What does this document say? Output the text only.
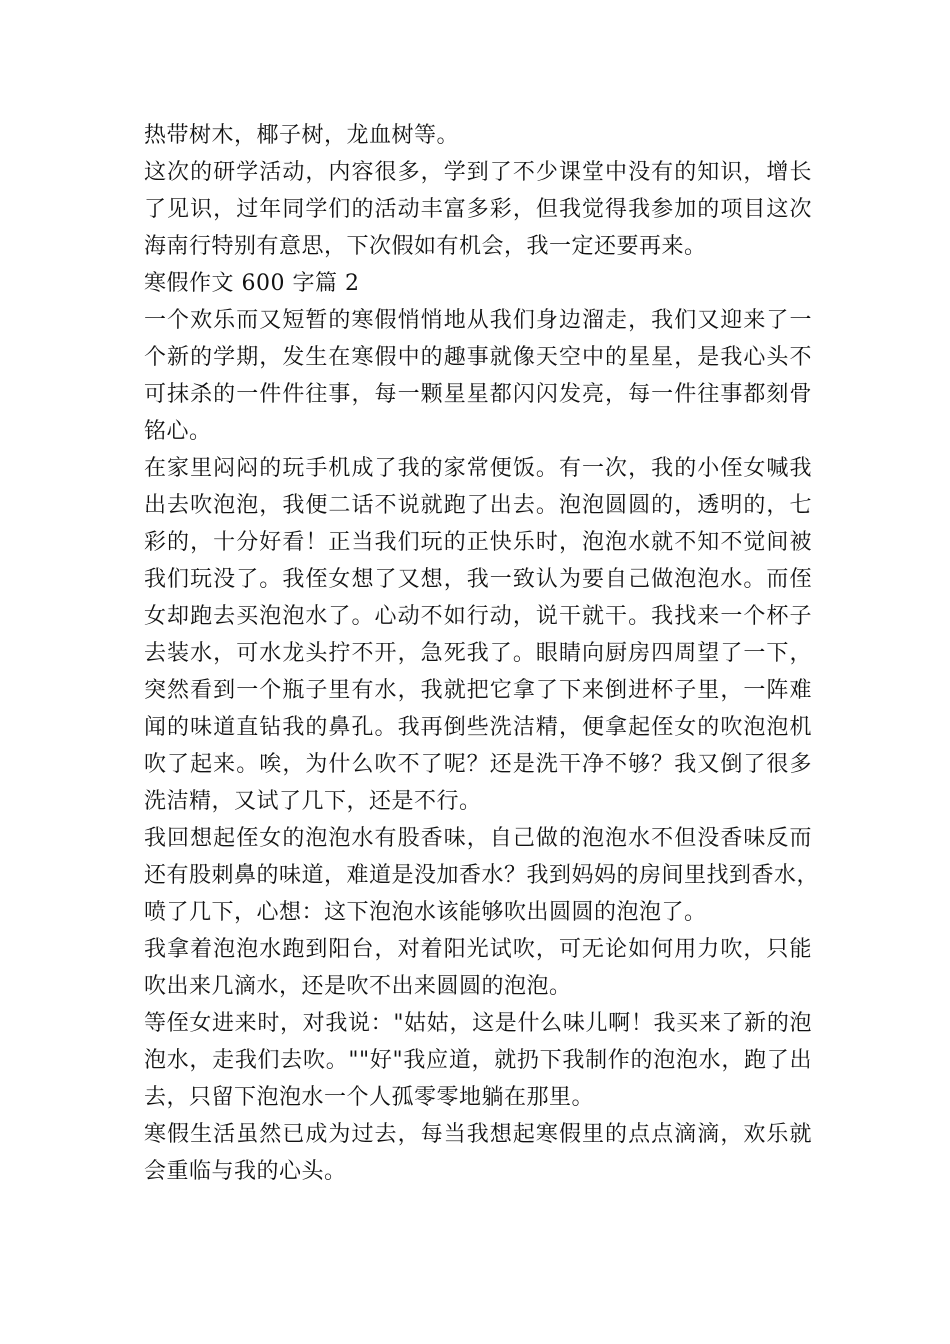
热带树木，椰子树，龙血树等。
这次的研学活动，内容很多，学到了不少课堂中没有的知识，增长
了见识，过年同学们的活动丰富多彩，但我觉得我参加的项目这次
海南行特别有意思，下次假如有机会，我一定还要再来。
寒假作文 600 字篇 2
一个欢乐而又短暂的寒假悄悄地从我们身边溜走，我们又迎来了一
个新的学期，发生在寒假中的趣事就像天空中的星星，是我心头不
可抹杀的一件件往事，每一颗星星都闪闪发亮，每一件往事都刻骨
铭心。
在家里闷闷的玩手机成了我的家常便饭。有一次，我的小侄女喊我
出去吹泡泡，我便二话不说就跑了出去。泡泡圆圆的，透明的，七
彩的，十分好看！正当我们玩的正快乐时，泡泡水就不知不觉间被
我们玩没了。我侄女想了又想，我一致认为要自己做泡泡水。而侄
女却跑去买泡泡水了。心动不如行动，说干就干。我找来一个杯子
去装水，可水龙头拧不开，急死我了。眼睛向厨房四周望了一下，
突然看到一个瓶子里有水，我就把它拿了下来倒进杯子里，一阵难
闻的味道直钻我的鼻孔。我再倒些洗洁精，便拿起侄女的吹泡泡机
吹了起来。唉，为什么吹不了呢？还是洗干净不够？我又倒了很多
洗洁精，又试了几下，还是不行。
我回想起侄女的泡泡水有股香味，自己做的泡泡水不但没香味反而
还有股刺鼻的味道，难道是没加香水？我到妈妈的房间里找到香水，
喷了几下，心想：这下泡泡水该能够吹出圆圆的泡泡了。
我拿着泡泡水跑到阳台，对着阳光试吹，可无论如何用力吹，只能
吹出来几滴水，还是吹不出来圆圆的泡泡。
等侄女进来时，对我说："姑姑，这是什么味儿啊！我买来了新的泡
泡水，走我们去吹。""好"我应道，就扔下我制作的泡泡水，跑了出
去，只留下泡泡水一个人孤零零地躺在那里。
寒假生活虽然已成为过去，每当我想起寒假里的点点滴滴，欢乐就
会重临与我的心头。
